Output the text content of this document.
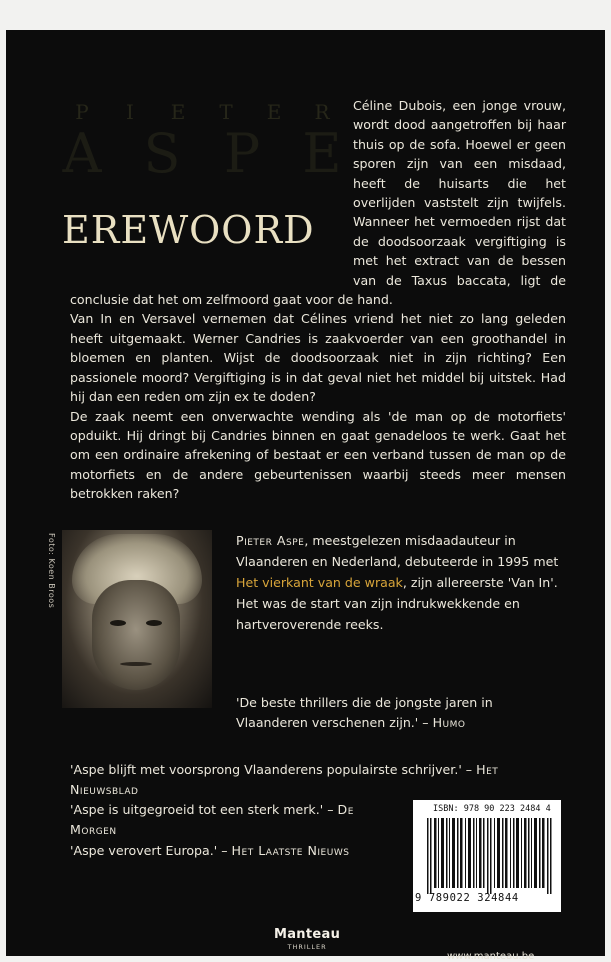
P	I	E	T	E	R
A S P E
EREWOORD

Céline Dubois, een jonge vrouw, wordt dood aangetroffen bij haar thuis op de sofa. Hoewel er geen sporen zijn van een misdaad, heeft de huisarts die het overlijden vaststelt zijn twijfels. Wanneer het vermoeden rijst dat de doodsoorzaak vergiftiging is met het extract van de bessen van de Taxus baccata, ligt de conclusie dat het om zelfmoord gaat voor de hand.

Van In en Versavel vernemen dat Célines vriend het niet zo lang geleden heeft uitgemaakt. Werner Candries is zaakvoerder van een groothandel in bloemen en planten. Wijst de doodsoorzaak niet in zijn richting? Een passionele moord? Vergiftiging is in dat geval niet het middel bij uitstek. Had hij dan een reden om zijn ex te doden?

De zaak neemt een onverwachte wending als 'de man op de motorfiets' opduikt. Hij dringt bij Candries binnen en gaat genadeloos te werk. Gaat het om een ordinaire afrekening of bestaat er een verband tussen de man op de motorfiets en de andere gebeurtenissen waarbij steeds meer mensen betrokken raken?

Foto: Koen Broos	Pieter Aspe, meestgelezen misdaadauteur in Vlaanderen en Nederland, debuteerde in 1995 met Het vierkant van de wraak, zijn allereerste 'Van In'. Het was de start van zijn indrukwekkende en hartveroverende reeks.

'De beste thrillers die de jongste jaren in Vlaanderen verschenen zijn.' – Humo

'Aspe blijft met voorsprong Vlaanderens populairste schrijver.' – Het Nieuwsblad

'Aspe is uitgegroeid tot een sterk merk.' – De Morgen

'Aspe verovert Europa.' – Het Laatste Nieuws

ISBN: 978 90 223 2484 4
9 789022 324844
Manteau
THRILLER
www.manteau.be
